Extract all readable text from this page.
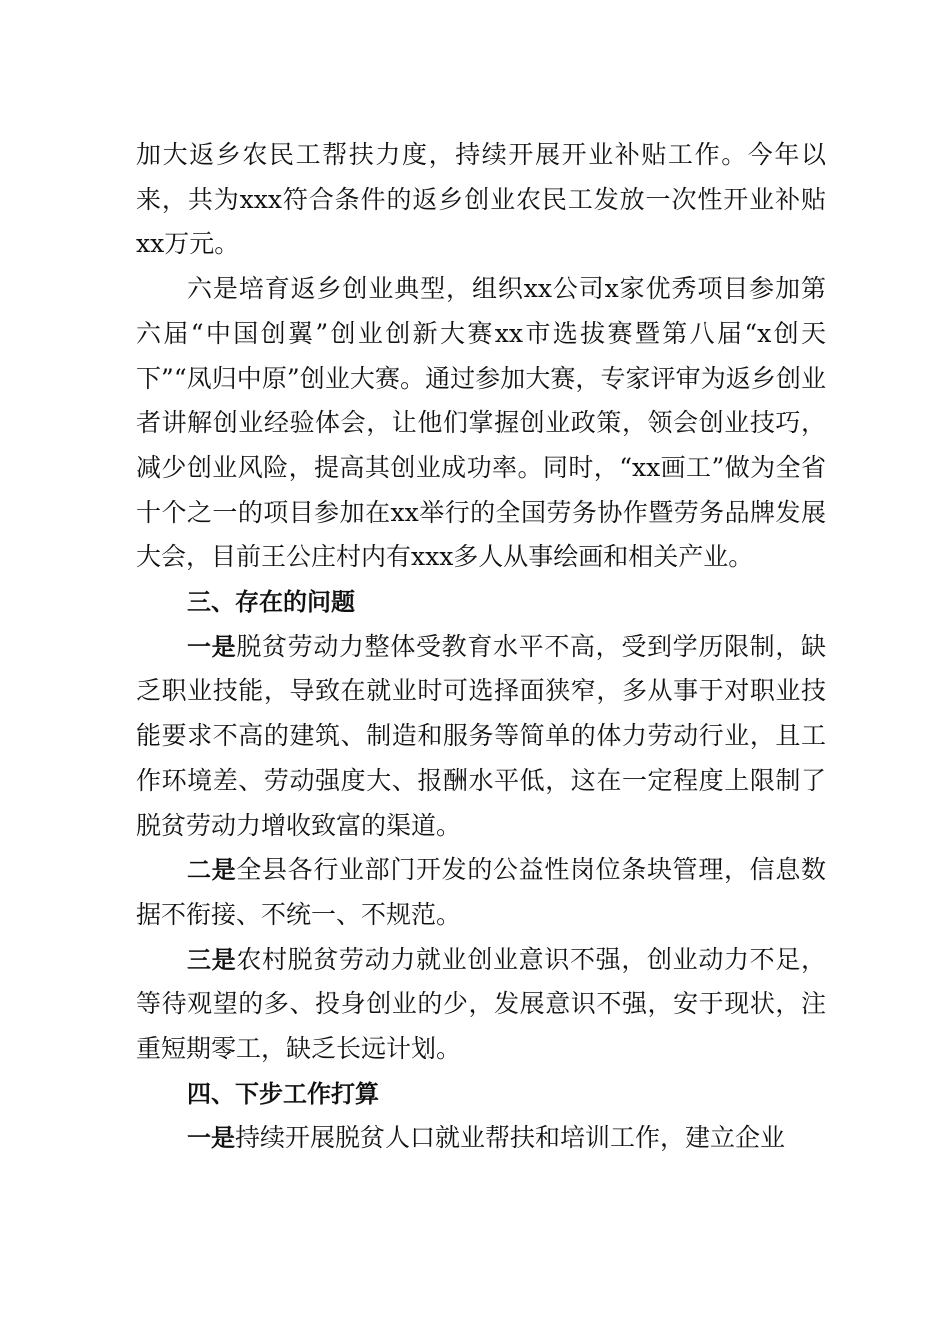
加大返乡农民工帮扶力度，持续开展开业补贴工作。今年以来，共为xxx符合条件的返乡创业农民工发放一次性开业补贴xx万元。

六是培育返乡创业典型，组织xx公司x家优秀项目参加第六届“中国创翼”创业创新大赛xx市选拔赛暨第八届“x创天下”“凤归中原”创业大赛。通过参加大赛，专家评审为返乡创业者讲解创业经验体会，让他们掌握创业政策，领会创业技巧，减少创业风险，提高其创业成功率。同时，“xx画工”做为全省十个之一的项目参加在xx举行的全国劳务协作暨劳务品牌发展大会，目前王公庄村内有xxx多人从事绘画和相关产业。

三、存在的问题

一是脱贫劳动力整体受教育水平不高，受到学历限制，缺乏职业技能，导致在就业时可选择面狭窄，多从事于对职业技能要求不高的建筑、制造和服务等简单的体力劳动行业，且工作环境差、劳动强度大、报酬水平低，这在一定程度上限制了脱贫劳动力增收致富的渠道。

二是全县各行业部门开发的公益性岗位条块管理，信息数据不衔接、不统一、不规范。

三是农村脱贫劳动力就业创业意识不强，创业动力不足，等待观望的多、投身创业的少，发展意识不强，安于现状，注重短期零工，缺乏长远计划。

四、下步工作打算

一是持续开展脱贫人口就业帮扶和培训工作，建立企业
